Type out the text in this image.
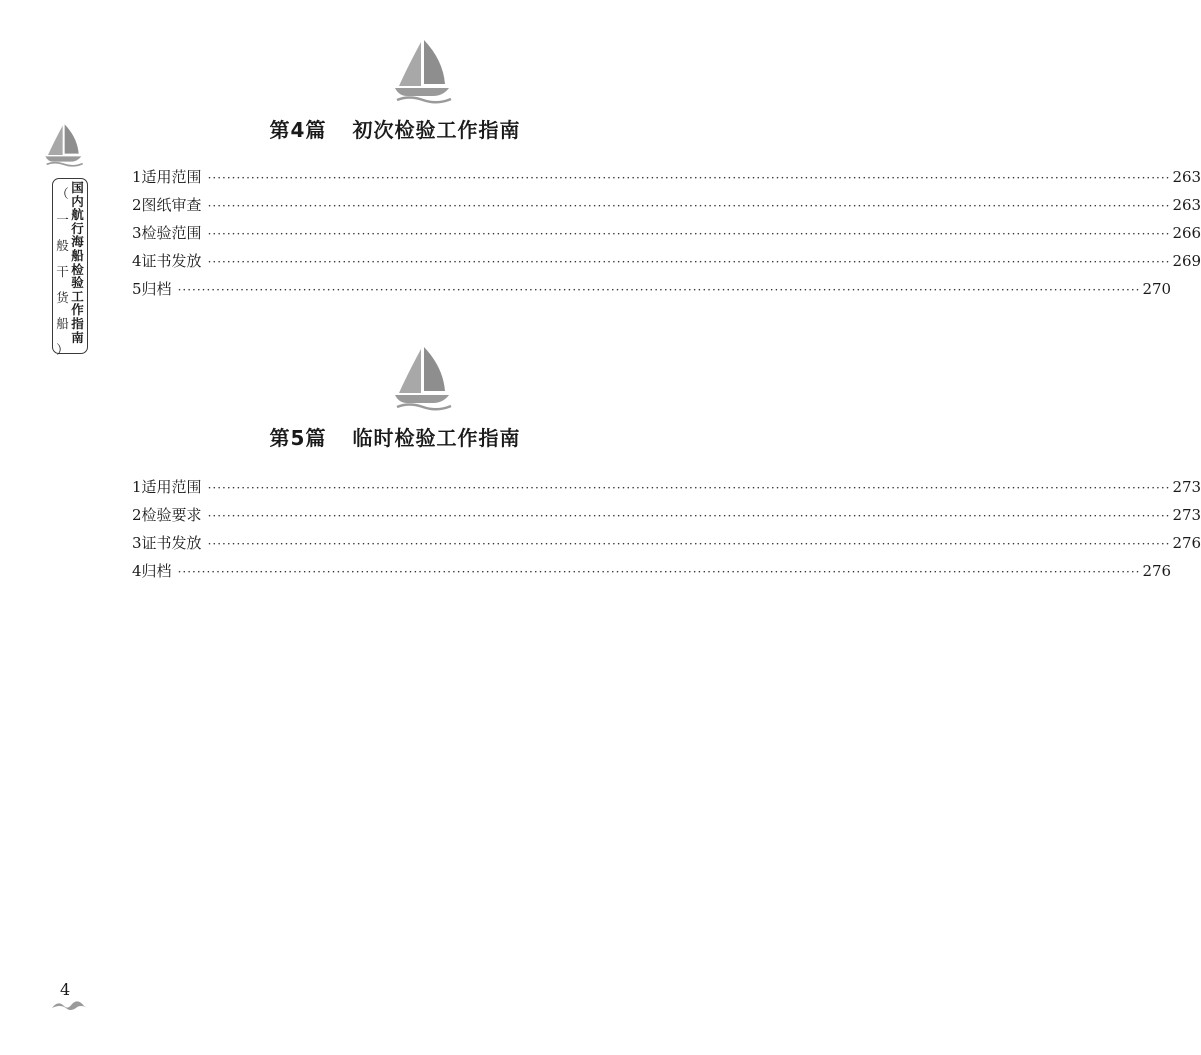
国内航行海船检验工作指南
（
一
般
干
货
船
）
第4篇 初次检验工作指南
1 适用范围 ········································································································································································································ 263
2 图纸审查 ········································································································································································································ 263
3 检验范围 ········································································································································································································ 266
4 证书发放 ········································································································································································································ 269
5 归档 ········································································································································································································ 270
第5篇 临时检验工作指南
1 适用范围 ········································································································································································································ 273
2 检验要求 ········································································································································································································ 273
3 证书发放 ········································································································································································································ 276
4 归档 ········································································································································································································ 276
4
